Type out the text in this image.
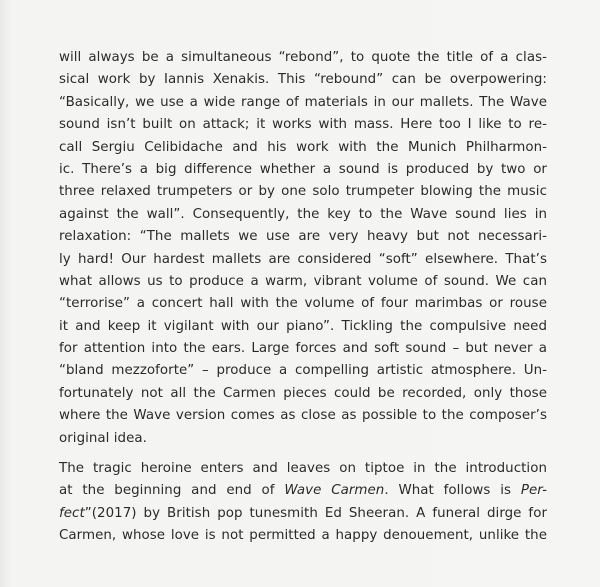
will always be a simultaneous “rebond”, to quote the title of a clas-
sical work by Iannis Xenakis. This “rebound” can be overpowering:
“Basically, we use a wide range of materials in our mallets. The Wave
sound isn’t built on attack; it works with mass. Here too I like to re-
call Sergiu Celibidache and his work with the Munich Philharmon-
ic. There’s a big difference whether a sound is produced by two or
three relaxed trumpeters or by one solo trumpeter blowing the music
against the wall”. Consequently, the key to the Wave sound lies in
relaxation: “The mallets we use are very heavy but not necessari-
ly hard! Our hardest mallets are considered “soft” elsewhere. That’s
what allows us to produce a warm, vibrant volume of sound. We can
“terrorise” a concert hall with the volume of four marimbas or rouse
it and keep it vigilant with our piano”. Tickling the compulsive need
for attention into the ears. Large forces and soft sound – but never a
“bland mezzoforte” – produce a compelling artistic atmosphere. Un-
fortunately not all the Carmen pieces could be recorded, only those
where the Wave version comes as close as possible to the composer’s
original idea.
The tragic heroine enters and leaves on tiptoe in the introduction
at the beginning and end of Wave Carmen. What follows is Per-
fect”(2017) by British pop tunesmith Ed Sheeran. A funeral dirge for
Carmen, whose love is not permitted a happy denouement, unlike the
